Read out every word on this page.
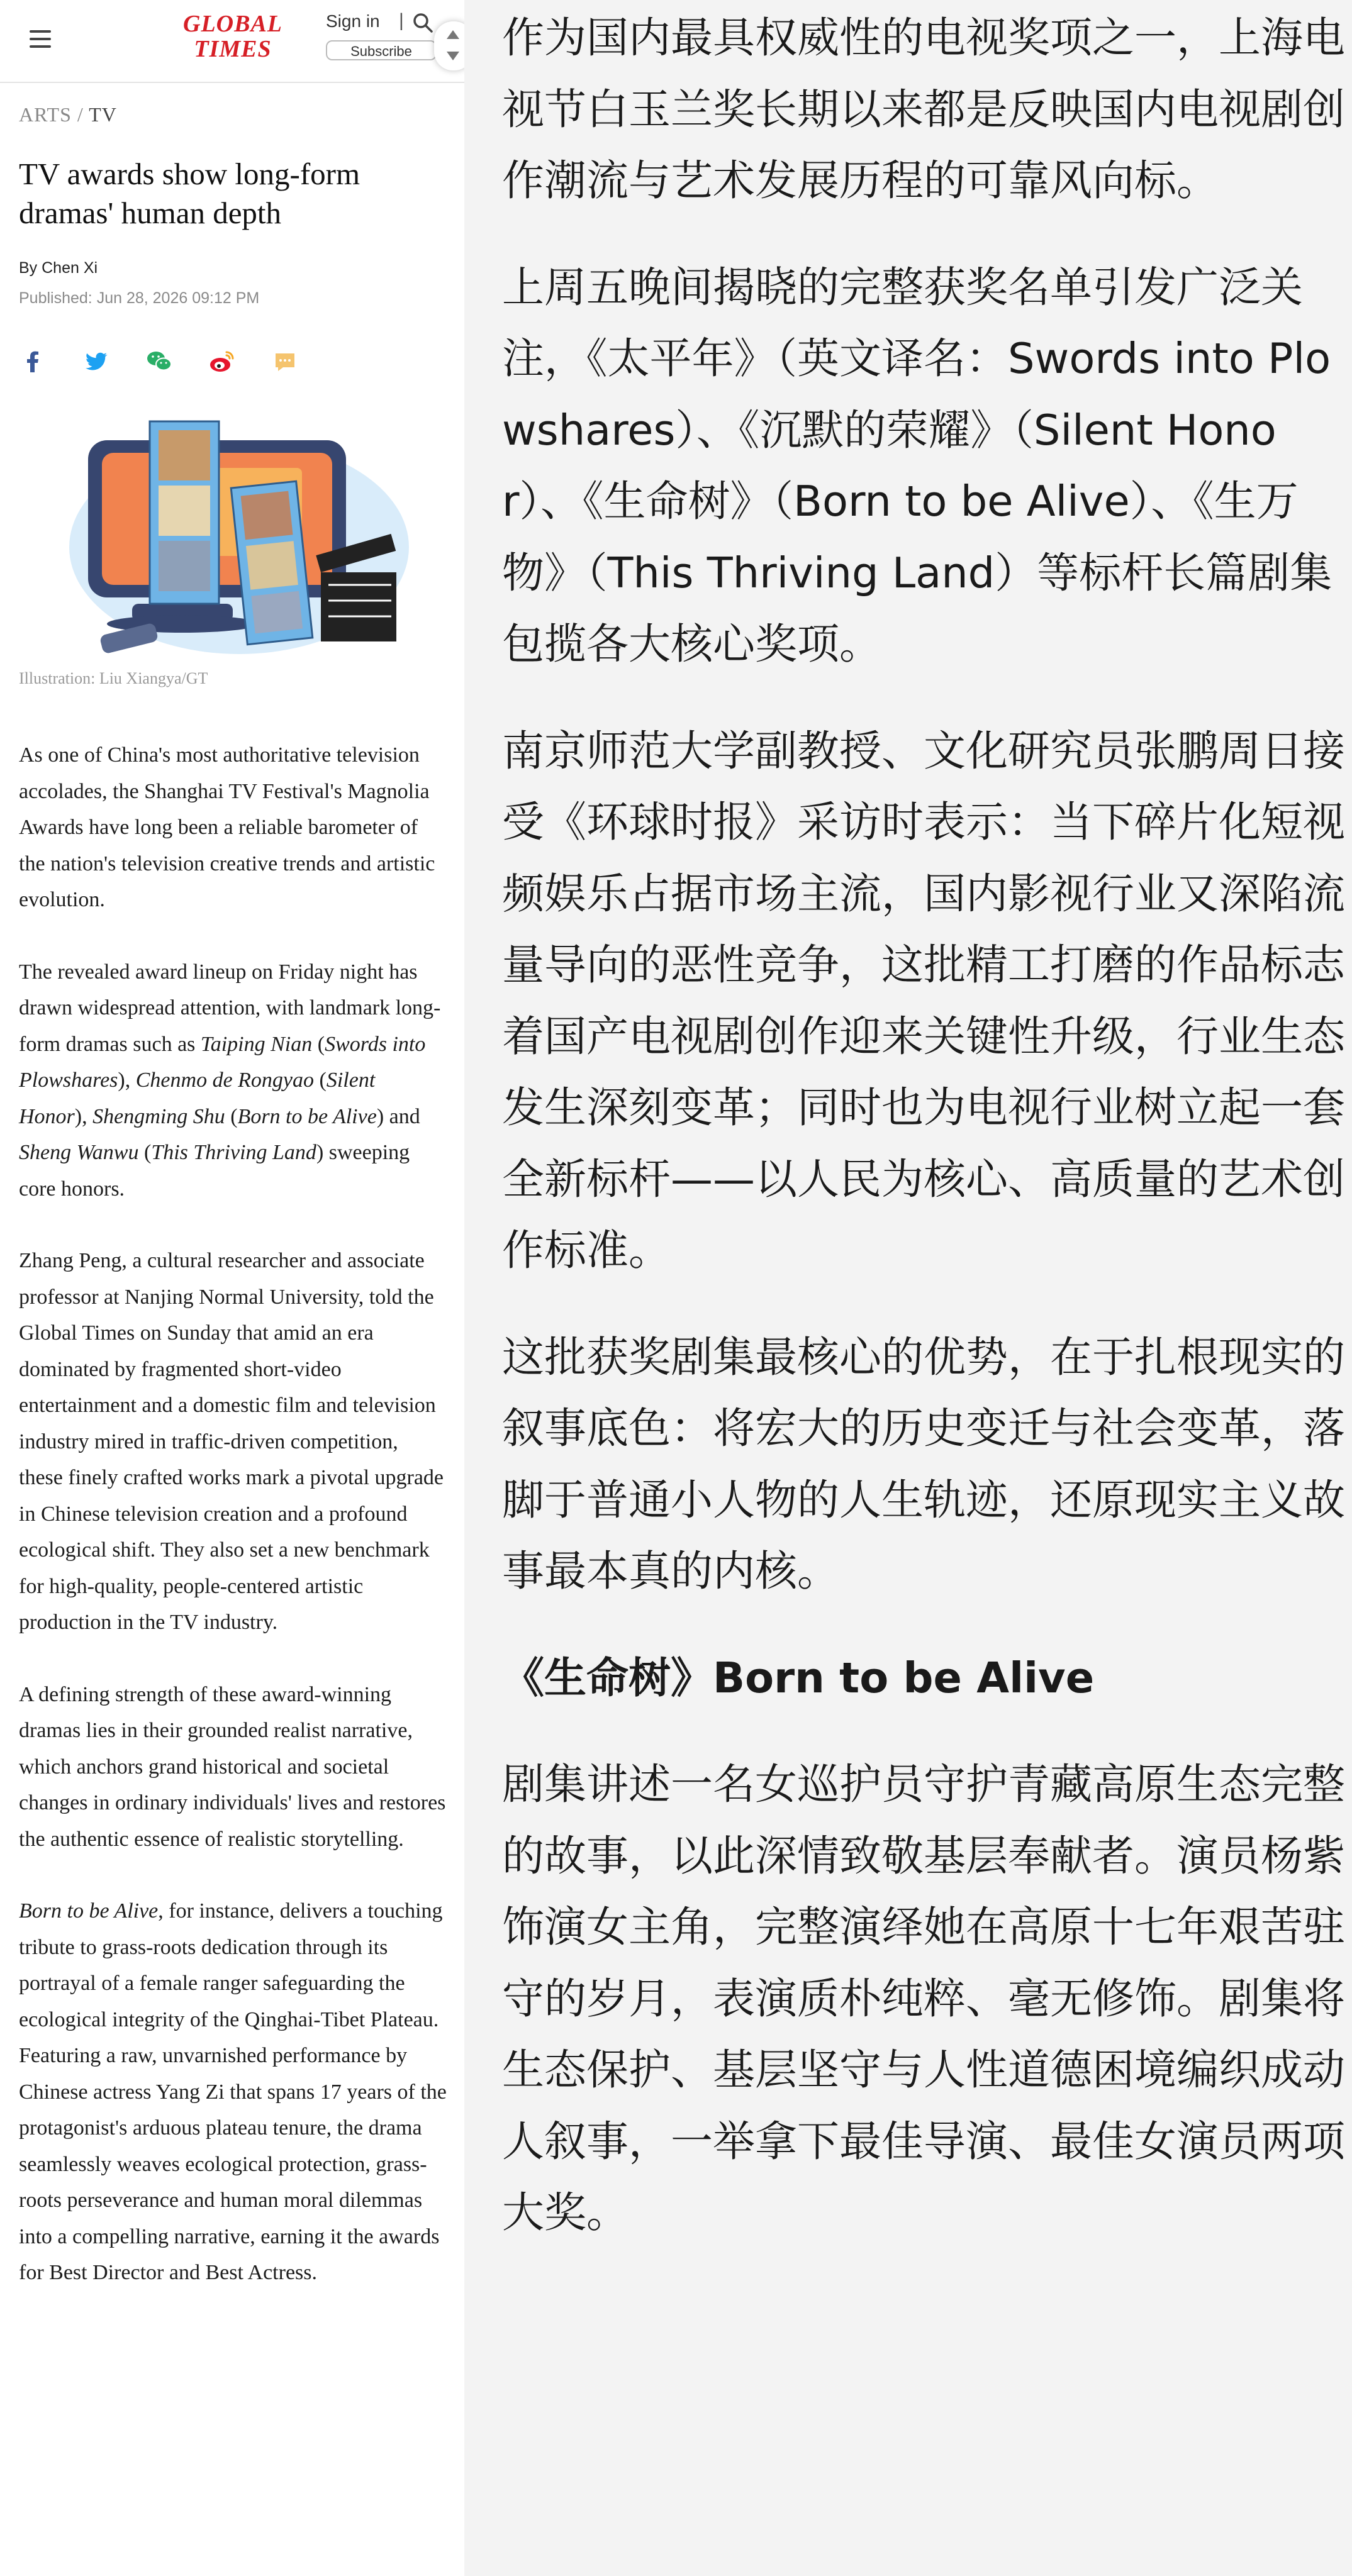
GLOBAL
TIMES
Sign in |
Subscribe
ARTS / TV
TV awards show long-form dramas' human depth
By Chen Xi
Published: Jun 28, 2026 09:12 PM
Illustration: Liu Xiangya/GT

As one of China's most authoritative television accolades, the Shanghai TV Festival's Magnolia Awards have long been a reliable barometer of the nation's television creative trends and artistic evolution.

The revealed award lineup on Friday night has drawn widespread attention, with landmark long-form dramas such as Taiping Nian (Swords into Plowshares), Chenmo de Rongyao (Silent Honor), Shengming Shu (Born to be Alive) and Sheng Wanwu (This Thriving Land) sweeping core honors.

Zhang Peng, a cultural researcher and associate professor at Nanjing Normal University, told the Global Times on Sunday that amid an era dominated by fragmented short-video entertainment and a domestic film and television industry mired in traffic-driven competition, these finely crafted works mark a pivotal upgrade in Chinese television creation and a profound ecological shift. They also set a new benchmark for high-quality, people-centered artistic production in the TV industry.

A defining strength of these award-winning dramas lies in their grounded realist narrative, which anchors grand historical and societal changes in ordinary individuals' lives and restores the authentic essence of realistic storytelling.

Born to be Alive, for instance, delivers a touching tribute to grass-roots dedication through its portrayal of a female ranger safeguarding the ecological integrity of the Qinghai-Tibet Plateau. Featuring a raw, unvarnished performance by Chinese actress Yang Zi that spans 17 years of the protagonist's arduous plateau tenure, the drama seamlessly weaves ecological protection, grass-roots perseverance and human moral dilemmas into a compelling narrative, earning it the awards for Best Director and Best Actress.

作为国内最具权威性的电视奖项之一，上海电视节白玉兰奖长期以来都是反映国内电视剧创作潮流与艺术发展历程的可靠风向标。

上周五晚间揭晓的完整获奖名单引发广泛关注，《太平年》（英文译名：Swords into Plowshares）、《沉默的荣耀》（Silent Honor）、《生命树》（Born to be Alive）、《生万物》（This Thriving Land）等标杆长篇剧集包揽各大核心奖项。

南京师范大学副教授、文化研究员张鹏周日接受《环球时报》采访时表示：当下碎片化短视频娱乐占据市场主流，国内影视行业又深陷流量导向的恶性竞争，这批精工打磨的作品标志着国产电视剧创作迎来关键性升级，行业生态发生深刻变革；同时也为电视行业树立起一套全新标杆——以人民为核心、高质量的艺术创作标准。

这批获奖剧集最核心的优势，在于扎根现实的叙事底色：将宏大的历史变迁与社会变革，落脚于普通小人物的人生轨迹，还原现实主义故事最本真的内核。

《生命树》Born to be Alive

剧集讲述一名女巡护员守护青藏高原生态完整的故事，以此深情致敬基层奉献者。演员杨紫饰演女主角，完整演绎她在高原十七年艰苦驻守的岁月，表演质朴纯粹、毫无修饰。剧集将生态保护、基层坚守与人性道德困境编织成动人叙事，一举拿下最佳导演、最佳女演员两项大奖。
